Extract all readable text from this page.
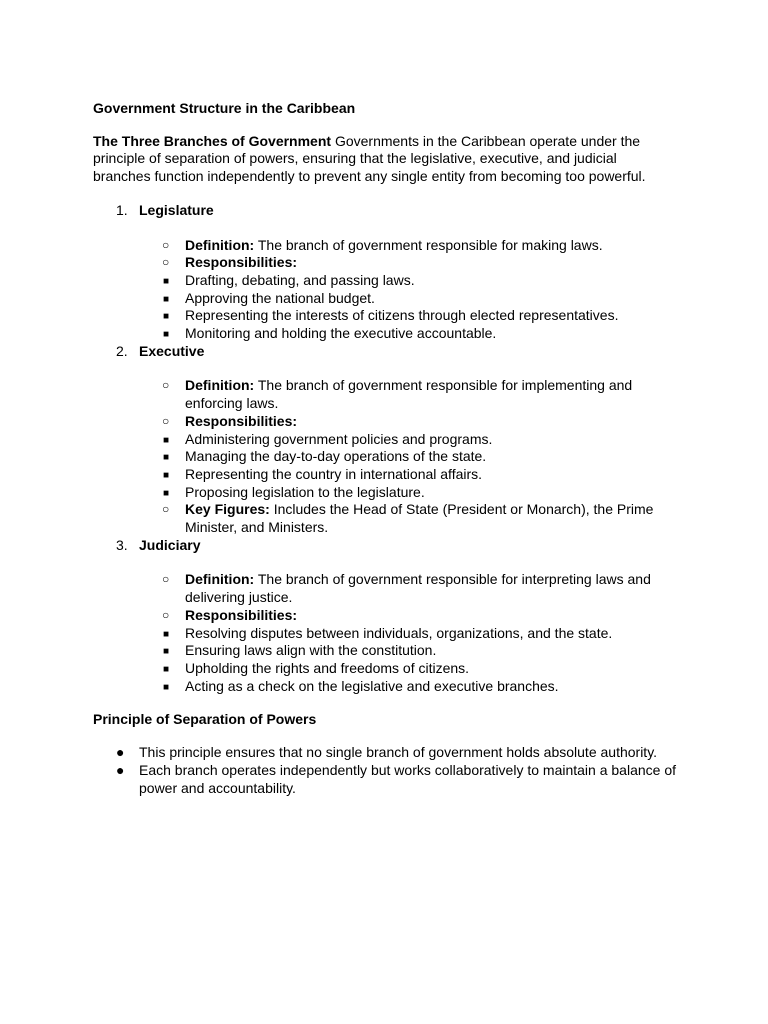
Government Structure in the Caribbean

The Three Branches of Government Governments in the Caribbean operate under the principle of separation of powers, ensuring that the legislative, executive, and judicial branches function independently to prevent any single entity from becoming too powerful.

1. Legislature
○ Definition: The branch of government responsible for making laws.
○ Responsibilities:
■ Drafting, debating, and passing laws.
■ Approving the national budget.
■ Representing the interests of citizens through elected representatives.
■ Monitoring and holding the executive accountable.
2. Executive
○ Definition: The branch of government responsible for implementing and enforcing laws.
○ Responsibilities:
■ Administering government policies and programs.
■ Managing the day-to-day operations of the state.
■ Representing the country in international affairs.
■ Proposing legislation to the legislature.
○ Key Figures: Includes the Head of State (President or Monarch), the Prime Minister, and Ministers.
3. Judiciary
○ Definition: The branch of government responsible for interpreting laws and delivering justice.
○ Responsibilities:
■ Resolving disputes between individuals, organizations, and the state.
■ Ensuring laws align with the constitution.
■ Upholding the rights and freedoms of citizens.
■ Acting as a check on the legislative and executive branches.
Principle of Separation of Powers
● This principle ensures that no single branch of government holds absolute authority.
● Each branch operates independently but works collaboratively to maintain a balance of power and accountability.
